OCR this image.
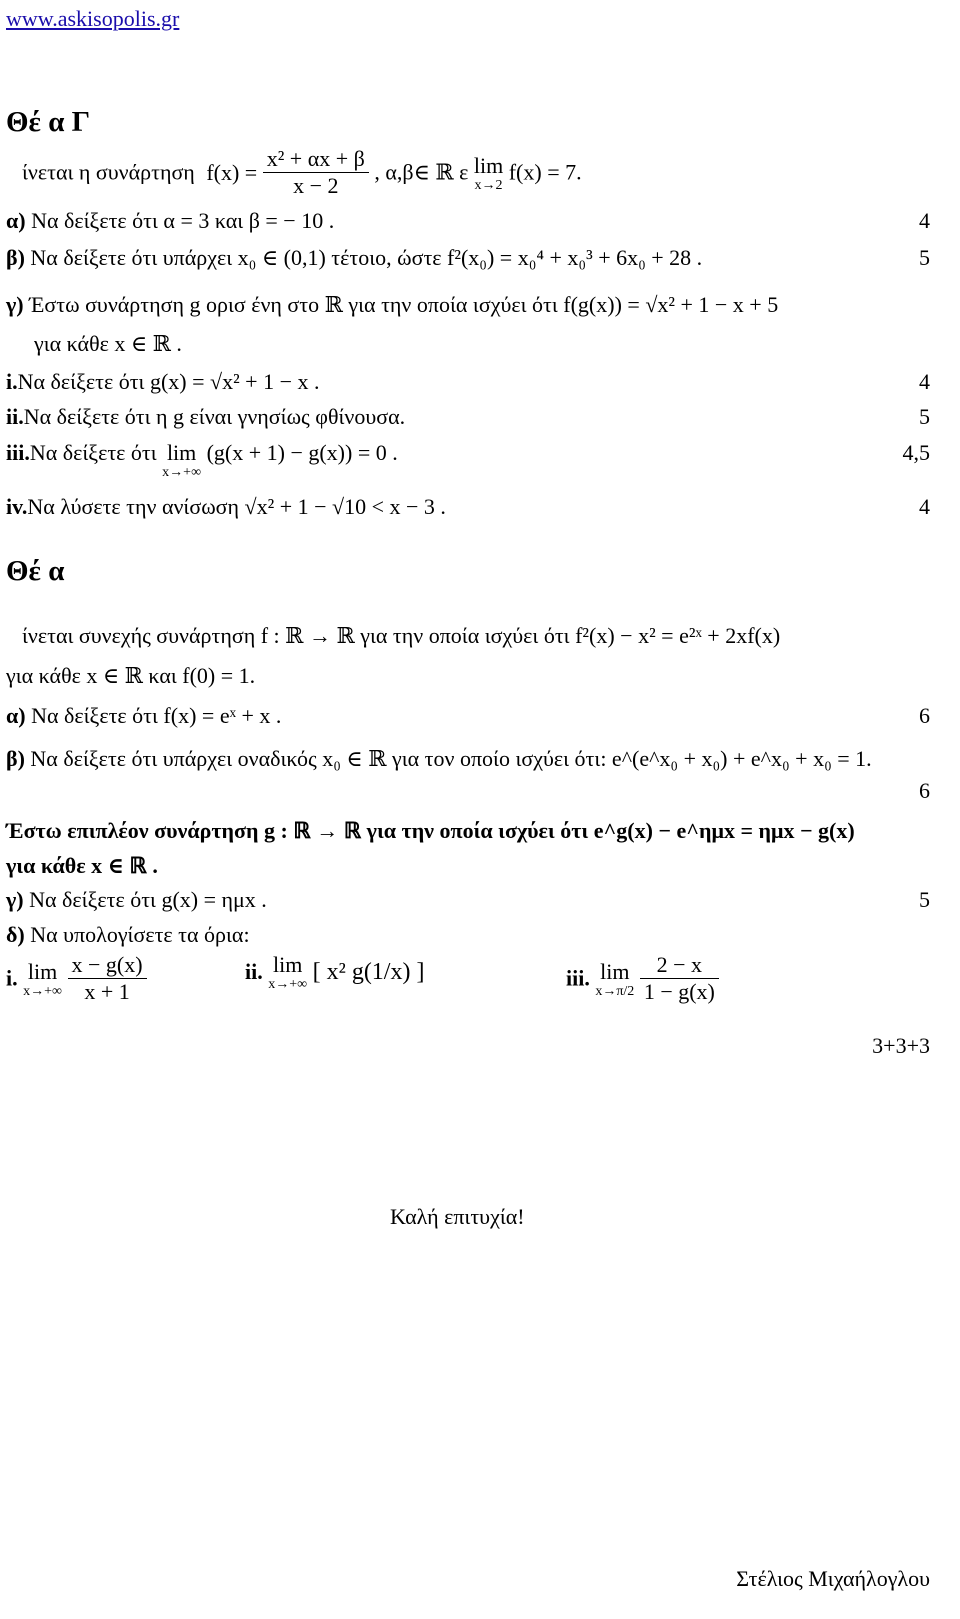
www.askisopolis.gr
Θέ α Γ
ίνεται η συνάρτηση $f(x) = \frac{\text{x² + αx + β}}{x - 2}$ , α,β∈ ℝ ε lim
x→2
f(x) = 7.
α) Να δείξετε ότι α = 3 και β = − 10 .	4
β) Να δείξετε ότι υπάρχει x₀ ∈ (0,1) τέτοιο, ώστε f²(x₀) = x₀⁴ + x₀³ + 6x₀ + 28 .	5
γ) Έστω συνάρτηση g ορισ ένη στο ℝ για την οποία ισχύει ότι f(g(x)) = √x² + 1 − x + 5
για κάθε x ∈ ℝ .
i.Να δείξετε ότι g(x) = √x² + 1 − x .	4
ii.Να δείξετε ότι η g είναι γνησίως φθίνουσα.	5
iii.Να δείξετε ότι lim
x→+∞
(g(x + 1) − g(x)) = 0 .	4,5
iv.Να λύσετε την ανίσωση √x² + 1 − √10 < x − 3 .	4
Θέ α
ίνεται συνεχής συνάρτηση f : ℝ → ℝ για την οποία ισχύει ότι f²(x) − x² = e²ˣ + 2xf(x)
για κάθε x ∈ ℝ και f(0) = 1.
α) Να δείξετε ότι f(x) = eˣ + x .	6
β) Να δείξετε ότι υπάρχει οναδικός x₀ ∈ ℝ για τον οποίο ισχύει ότι: e^(e^x₀ + x₀) + e^x₀ + x₀ = 1.
6
Έστω επιπλέον συνάρτηση g : ℝ → ℝ για την οποία ισχύει ότι e^g(x) − e^ημx = ημx − g(x)
για κάθε x ∈ ℝ .
γ) Να δείξετε ότι g(x) = ημx .	5
δ) Να υπολογίσετε τα όρια:
i. lim
x→+∞
$\frac{x - g(x)}{x + 1}$	ii. lim
x→+∞ [ x² g(1/x) ]	iii. lim
x→π/2
$\frac{2 - x}{1 - g(x)}$
3+3+3
Καλή επιτυχία!
Στέλιος Μιχαήλογλου
